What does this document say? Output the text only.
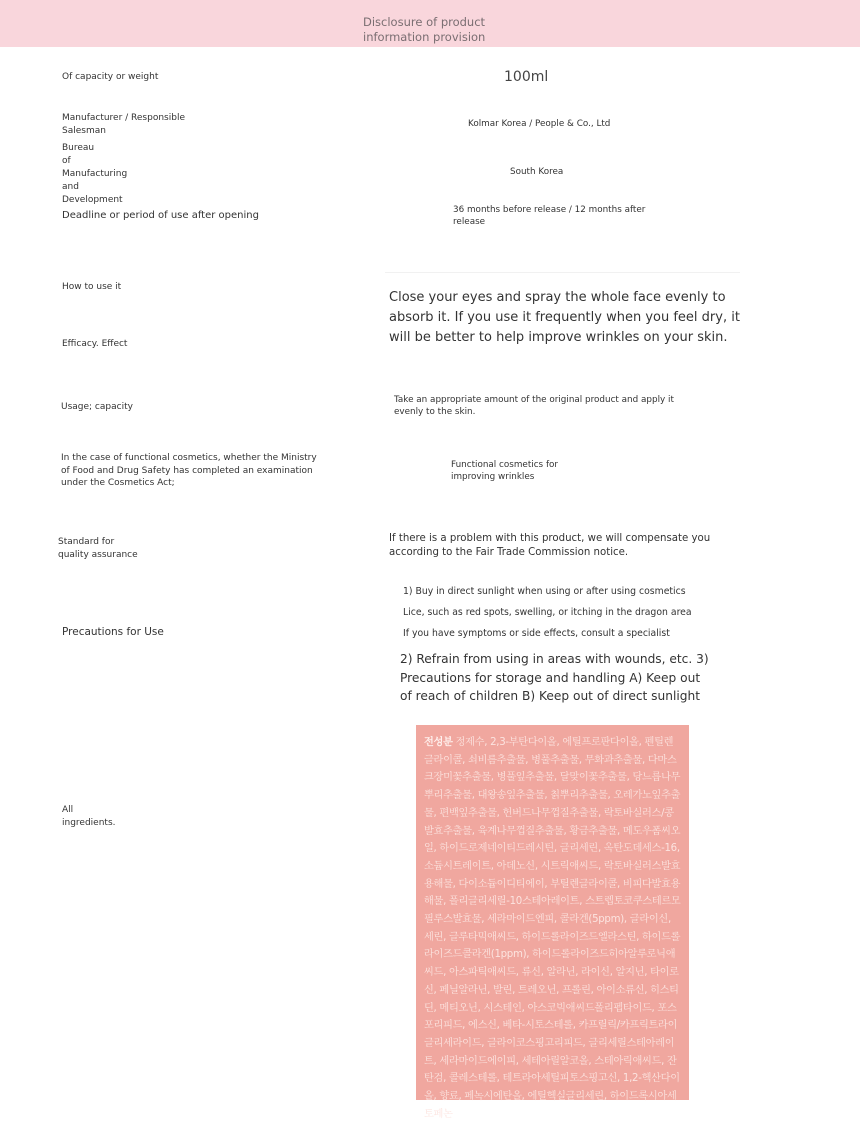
Disclosure of product
information provision

Of capacity or weight	100ml

Manufacturer / Responsible
Salesman

Kolmar Korea / People & Co., Ltd

Bureau
of
Manufacturing
and
Development

South Korea

Deadline or period of use after opening	36 months before release / 12 months after
release

How to use it

Close your eyes and spray the whole face evenly to
absorb it. If you use it frequently when you feel dry, it
will be better to help improve wrinkles on your skin.

Efficacy. Effect

Usage; capacity

Take an appropriate amount of the original product and apply it
evenly to the skin.

In the case of functional cosmetics, whether the Ministry
of Food and Drug Safety has completed an examination
under the Cosmetics Act;

Functional cosmetics for
improving wrinkles

Standard for
quality assurance

If there is a problem with this product, we will compensate you
according to the Fair Trade Commission notice.

Precautions for Use

1) Buy in direct sunlight when using or after using cosmetics

Lice, such as red spots, swelling, or itching in the dragon area

If you have symptoms or side effects, consult a specialist

2) Refrain from using in areas with wounds, etc. 3)
Precautions for storage and handling A) Keep out
of reach of children B) Keep out of direct sunlight

All
ingredients.

전성분 정제수, 2,3-부탄다이올, 에틸프로판다이올, 펜틸렌글라이콜, 쇠비름추출물, 병풀추출물, 무화과추출물, 다마스크장미꽃추출물, 병풀잎추출물, 달맞이꽃추출물, 당느릅나무뿌리추출물, 대왕송잎추출물, 칡뿌리추출물, 오레가노잎추출물, 편백잎추출물, 헌버드나무껍질추출물, 락토바실러스/콩발효추출물, 육계나무껍질추출물, 황금추출물, 메도우폼씨오일, 하이드로제네이티드레시틴, 글리세린, 옥탄도데세스-16, 소듐시트레이트, 아데노신, 시트릭애씨드, 락토바실러스발효용해물, 다이소듐이디티에이, 부틸렌글라이콜, 비피다발효용해물, 폴리글리세릴-10스테아레이트, 스트렙토코쿠스테르모필루스발효물, 세라마이드엔피, 콜라겐(5ppm), 글라이신, 세린, 글루타믹애씨드, 하이드롤라이즈드엘라스틴, 하이드롤라이즈드콜라겐(1ppm), 하이드롤라이즈드히아알루로닉애씨드, 아스파틱애씨드, 류신, 알라닌, 라이신, 알지닌, 타이로신, 페닐알라닌, 발린, 트레오닌, 프롤린, 아이소류신, 히스티딘, 메티오닌, 시스테인, 아스코빅애씨드폴리펩타이드, 포스포리피드, 에스신, 베타-시토스테롤, 카프릴릭/카프릭트라이글리세라이드, 글라이코스핑고리피드, 글리세릴스테아레이트, 세라마이드에이피, 세테아릴알코올, 스테아릭애씨드, 잔탄검, 콜레스테롤, 테트라아세틸피토스핑고신, 1,2-헥산다이올, 향료, 페녹시에탄올, 에틸헥실글리세린, 하이드록시아세토페논
